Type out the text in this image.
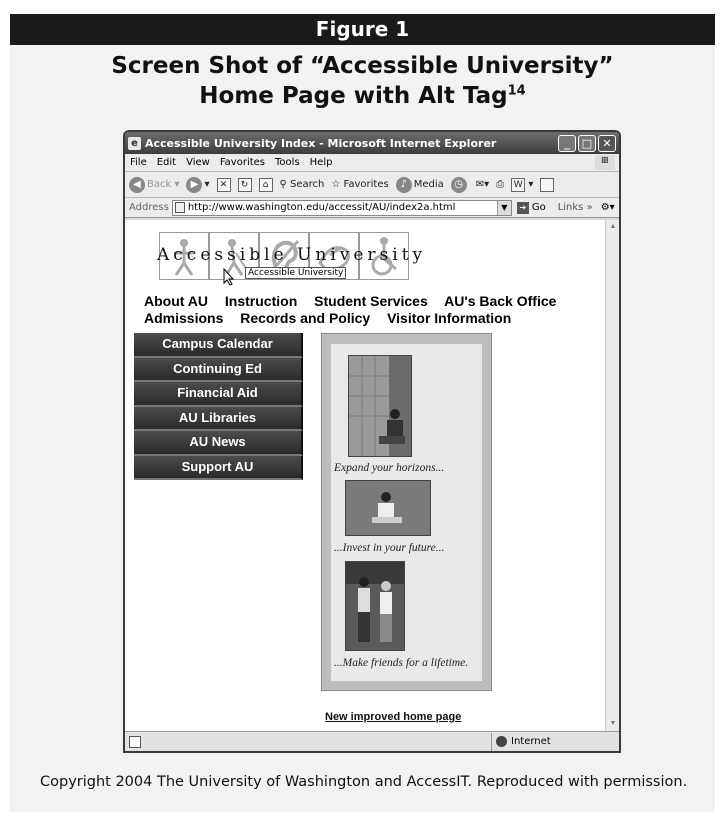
Figure 1
Screen Shot of “Accessible University”
Home Page with Alt Tag$^{14}$
e Accessible University Index - Microsoft Internet Explorer	_	□ ✕
File Edit View Favorites Tools Help	⊞
◀ Back ▾	▶ ▾	✕	↻	⌂	⚲ Search ☆ Favorites	♪ Media	◷	✉▾ ⎙ W ▾
Address http://www.washington.edu/accessit/AU/index2a.html	▼	➔ Go Links » ⚙▾
Accessible University
Accessible University
About AU Instruction Student Services AU's Back Office
Admissions Records and Policy Visitor Information
Campus Calendar
Continuing Ed
Financial Aid
AU Libraries
AU News
Support AU	Expand your horizons...
...Invest in your future...
...Make friends for a lifetime.
New improved home page
▲
▼
Internet
Copyright 2004 The University of Washington and AccessIT. Reproduced with permission.
